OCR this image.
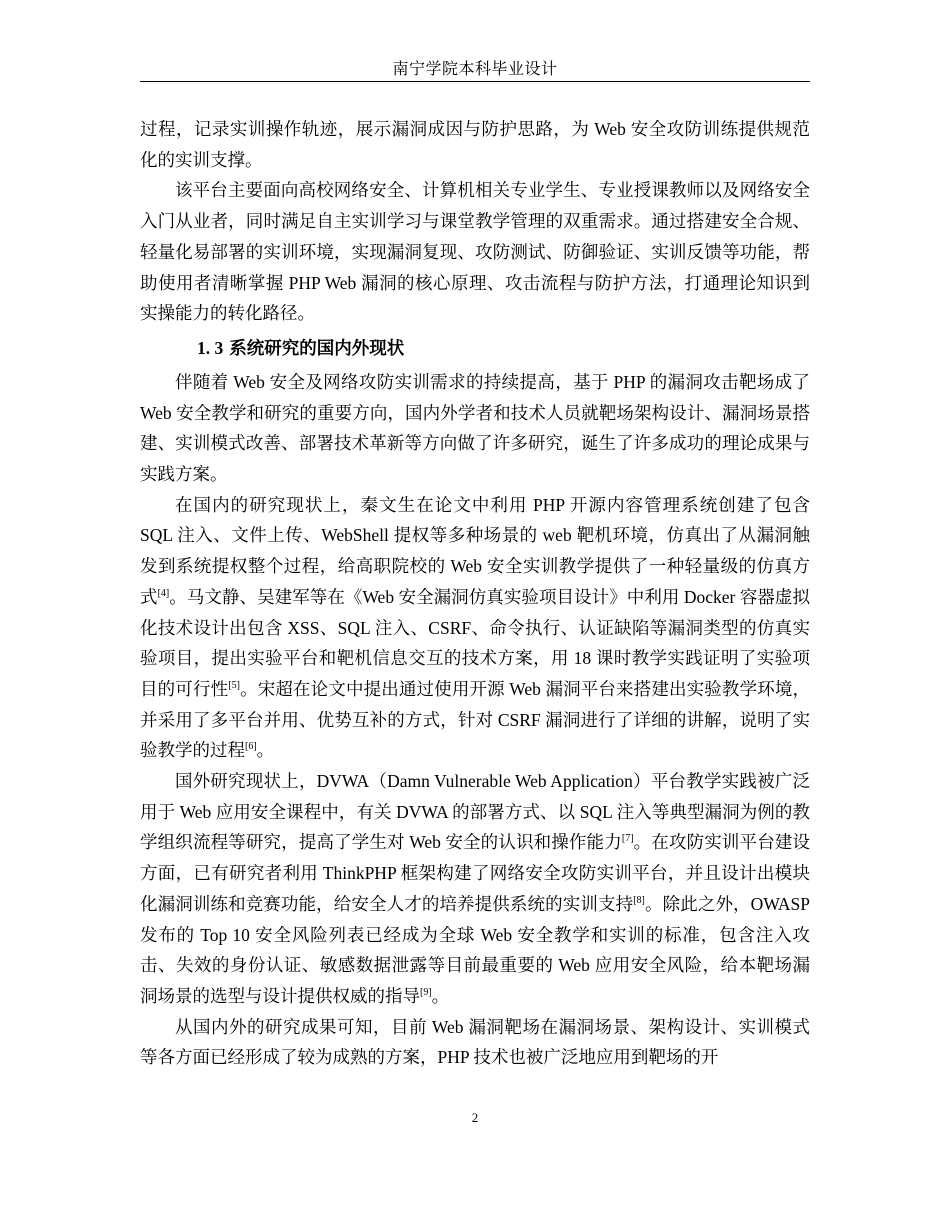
南宁学院本科毕业设计

过程，记录实训操作轨迹，展示漏洞成因与防护思路，为 Web 安全攻防训练提供规范化的实训支撑。

该平台主要面向高校网络安全、计算机相关专业学生、专业授课教师以及网络安全入门从业者，同时满足自主实训学习与课堂教学管理的双重需求。通过搭建安全合规、轻量化易部署的实训环境，实现漏洞复现、攻防测试、防御验证、实训反馈等功能，帮助使用者清晰掌握 PHP Web 漏洞的核心原理、攻击流程与防护方法，打通理论知识到实操能力的转化路径。

1. 3 系统研究的国内外现状

伴随着 Web 安全及网络攻防实训需求的持续提高，基于 PHP 的漏洞攻击靶场成了 Web 安全教学和研究的重要方向，国内外学者和技术人员就靶场架构设计、漏洞场景搭建、实训模式改善、部署技术革新等方向做了许多研究，诞生了许多成功的理论成果与实践方案。

在国内的研究现状上，秦文生在论文中利用 PHP 开源内容管理系统创建了包含 SQL 注入、文件上传、WebShell 提权等多种场景的 web 靶机环境，仿真出了从漏洞触发到系统提权整个过程，给高职院校的 Web 安全实训教学提供了一种轻量级的仿真方式[4]。马文静、吴建军等在《Web 安全漏洞仿真实验项目设计》中利用 Docker 容器虚拟化技术设计出包含 XSS、SQL 注入、CSRF、命令执行、认证缺陷等漏洞类型的仿真实验项目，提出实验平台和靶机信息交互的技术方案，用 18 课时教学实践证明了实验项目的可行性[5]。宋超在论文中提出通过使用开源 Web 漏洞平台来搭建出实验教学环境，并采用了多平台并用、优势互补的方式，针对 CSRF 漏洞进行了详细的讲解，说明了实验教学的过程[6]。

国外研究现状上，DVWA（Damn Vulnerable Web Application）平台教学实践被广泛用于 Web 应用安全课程中，有关 DVWA 的部署方式、以 SQL 注入等典型漏洞为例的教学组织流程等研究，提高了学生对 Web 安全的认识和操作能力[7]。在攻防实训平台建设方面，已有研究者利用 ThinkPHP 框架构建了网络安全攻防实训平台，并且设计出模块化漏洞训练和竞赛功能，给安全人才的培养提供系统的实训支持[8]。除此之外，OWASP 发布的 Top 10 安全风险列表已经成为全球 Web 安全教学和实训的标准，包含注入攻击、失效的身份认证、敏感数据泄露等目前最重要的 Web 应用安全风险，给本靶场漏洞场景的选型与设计提供权威的指导[9]。

从国内外的研究成果可知，目前 Web 漏洞靶场在漏洞场景、架构设计、实训模式等各方面已经形成了较为成熟的方案，PHP 技术也被广泛地应用到靶场的开

2
